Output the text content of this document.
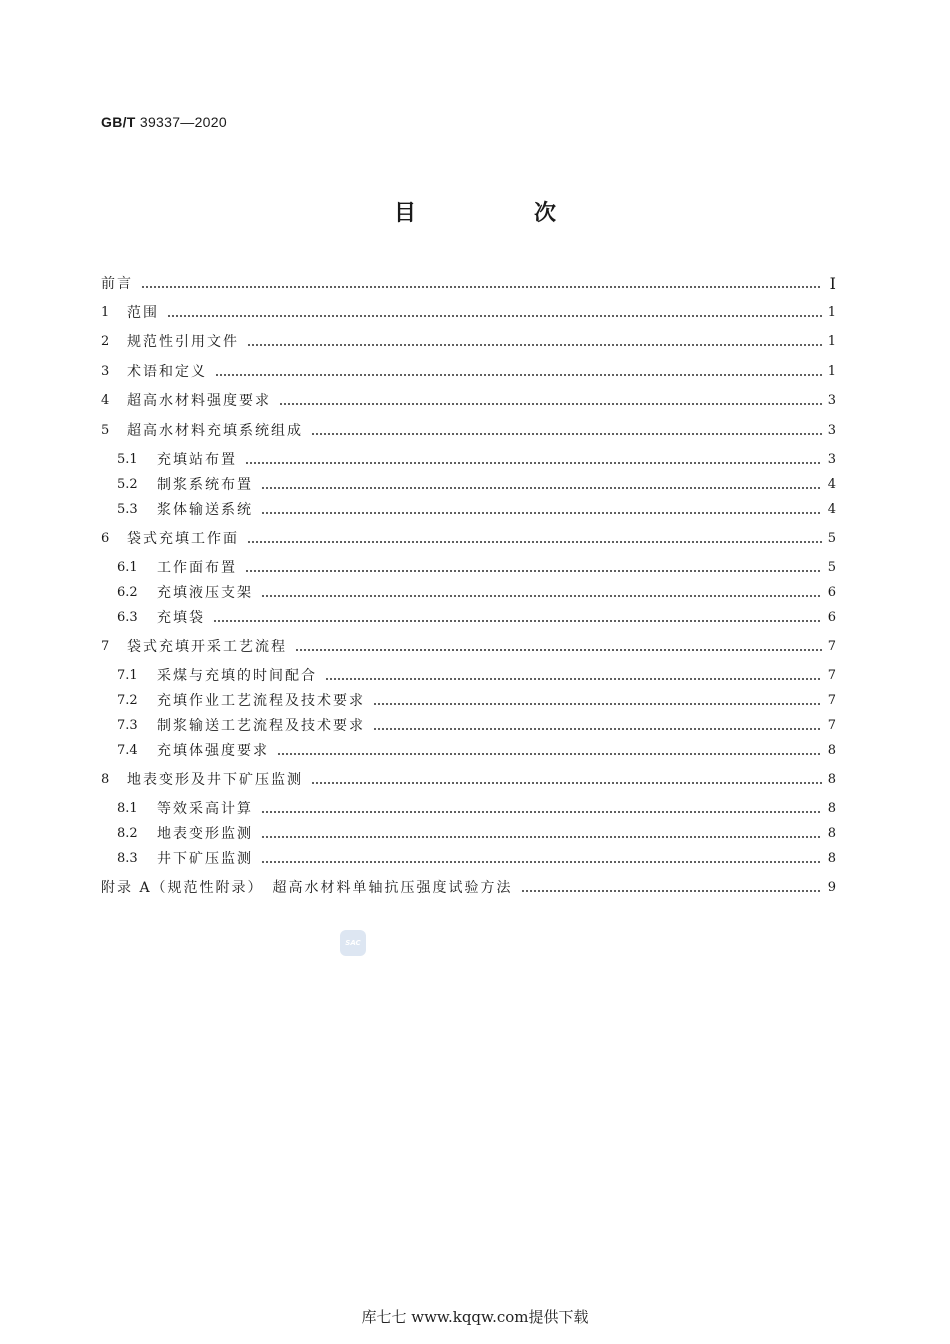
GB/T 39337—2020
目　次
前言	Ⅰ
1	范围	1
2	规范性引用文件	1
3	术语和定义	1
4	超高水材料强度要求	3
5	超高水材料充填系统组成	3
5.1	充填站布置	3
5.2	制浆系统布置	4
5.3	浆体输送系统	4
6	袋式充填工作面	5
6.1	工作面布置	5
6.2	充填液压支架	6
6.3	充填袋	6
7	袋式充填开采工艺流程	7
7.1	采煤与充填的时间配合	7
7.2	充填作业工艺流程及技术要求	7
7.3	制浆输送工艺流程及技术要求	7
7.4	充填体强度要求	8
8	地表变形及井下矿压监测	8
8.1	等效采高计算	8
8.2	地表变形监测	8
8.3	井下矿压监测	8
附录 A（规范性附录）　超高水材料单轴抗压强度试验方法	9
SAC
库七七 www.kqqw.com提供下载
